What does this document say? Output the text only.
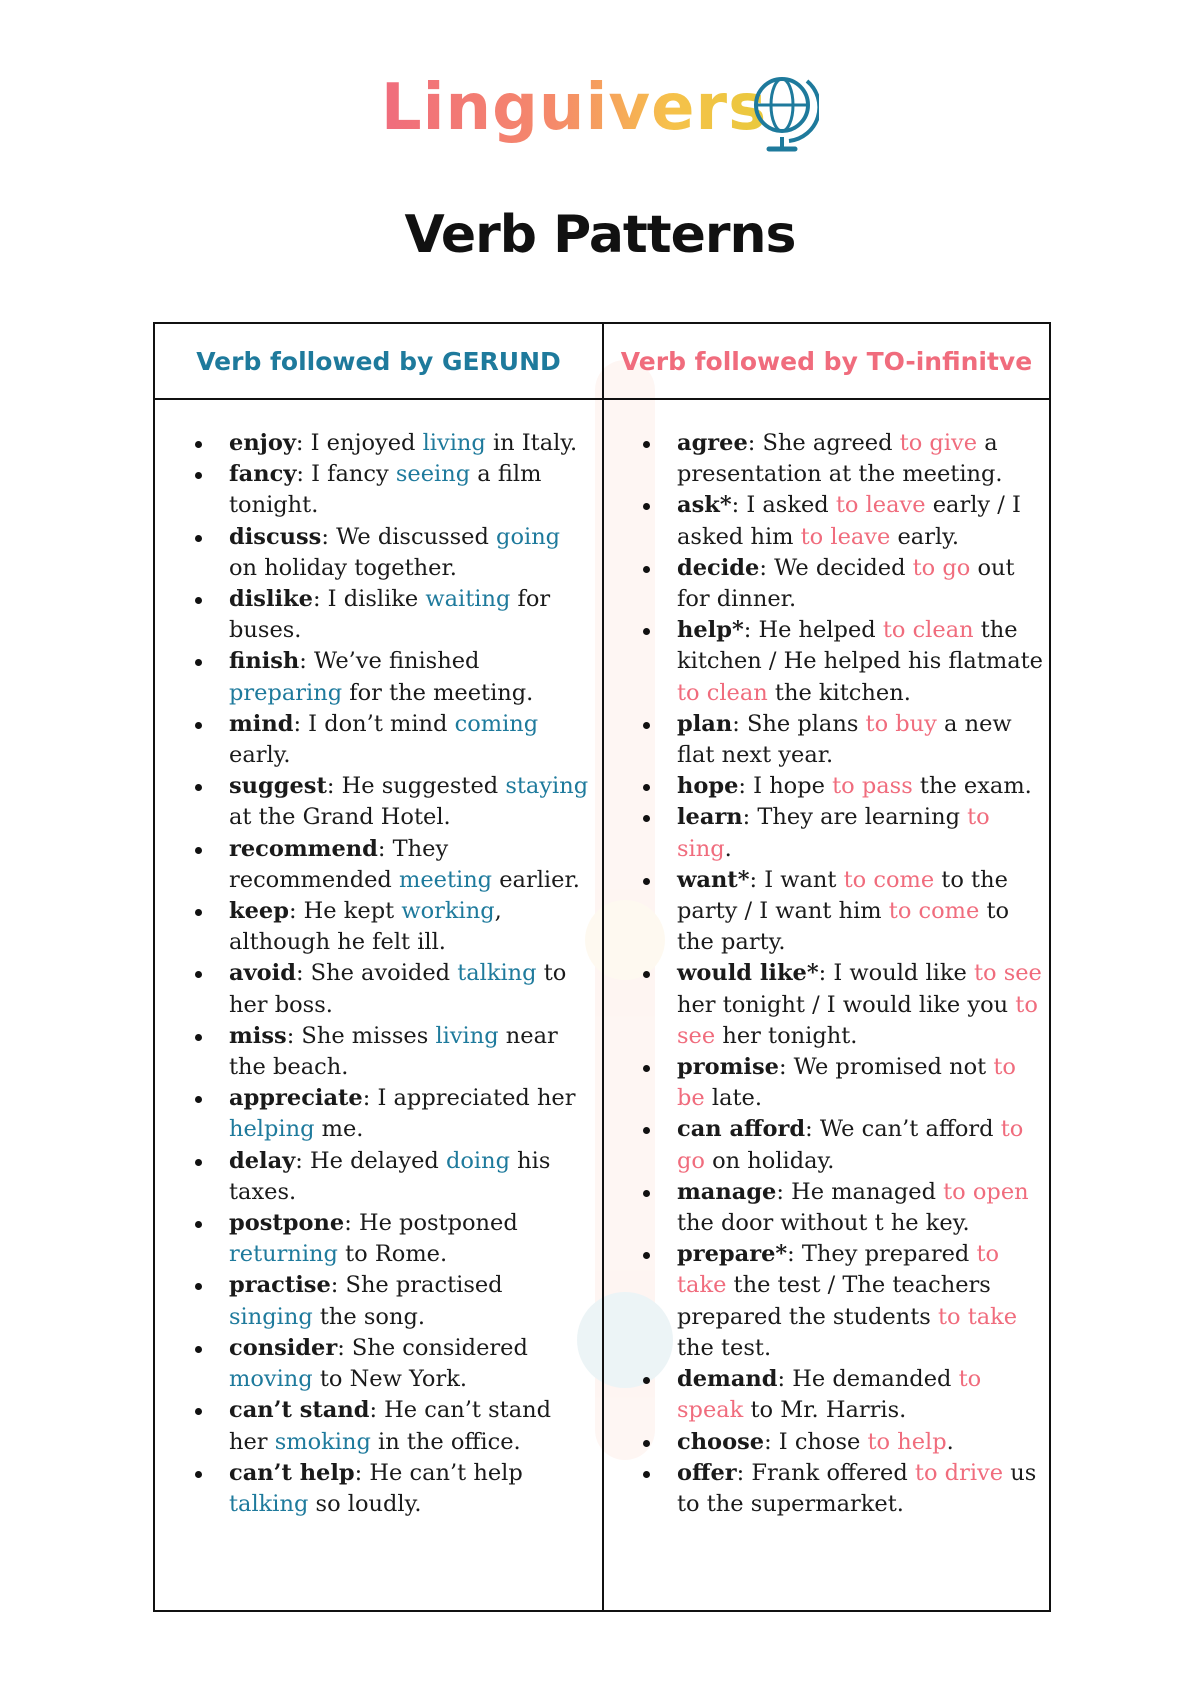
Linguivers
Verb Patterns
Verb followed by GERUND	Verb followed by TO-infinitve
enjoy: I enjoyed living in Italy.
fancy: I fancy seeing a film tonight.
discuss: We discussed going on holiday together.
dislike: I dislike waiting for buses.
finish: We’ve finished preparing for the meeting.
mind: I don’t mind coming early.
suggest: He suggested staying at the Grand Hotel.
recommend: They recommended meeting earlier.
keep: He kept working, although he felt ill.
avoid: She avoided talking to her boss.
miss: She misses living near the beach.
appreciate: I appreciated her helping me.
delay: He delayed doing his taxes.
postpone: He postponed returning to Rome.
practise: She practised singing the song.
consider: She considered moving to New York.
can’t stand: He can’t stand her smoking in the office.
can’t help: He can’t help talking so loudly.
agree: She agreed to give a presentation at the meeting.
ask*: I asked to leave early / I asked him to leave early.
decide: We decided to go out for dinner.
help*: He helped to clean the kitchen / He helped his flatmate to clean the kitchen.
plan: She plans to buy a new flat next year.
hope: I hope to pass the exam.
learn: They are learning to sing.
want*: I want to come to the party / I want him to come to the party.
would like*: I would like to see her tonight / I would like you to see her tonight.
promise: We promised not to be late.
can afford: We can’t afford to go on holiday.
manage: He managed to open the door without t he key.
prepare*: They prepared to take the test / The teachers prepared the students to take the test.
demand: He demanded to speak to Mr. Harris.
choose: I chose to help.
offer: Frank offered to drive us to the supermarket.
